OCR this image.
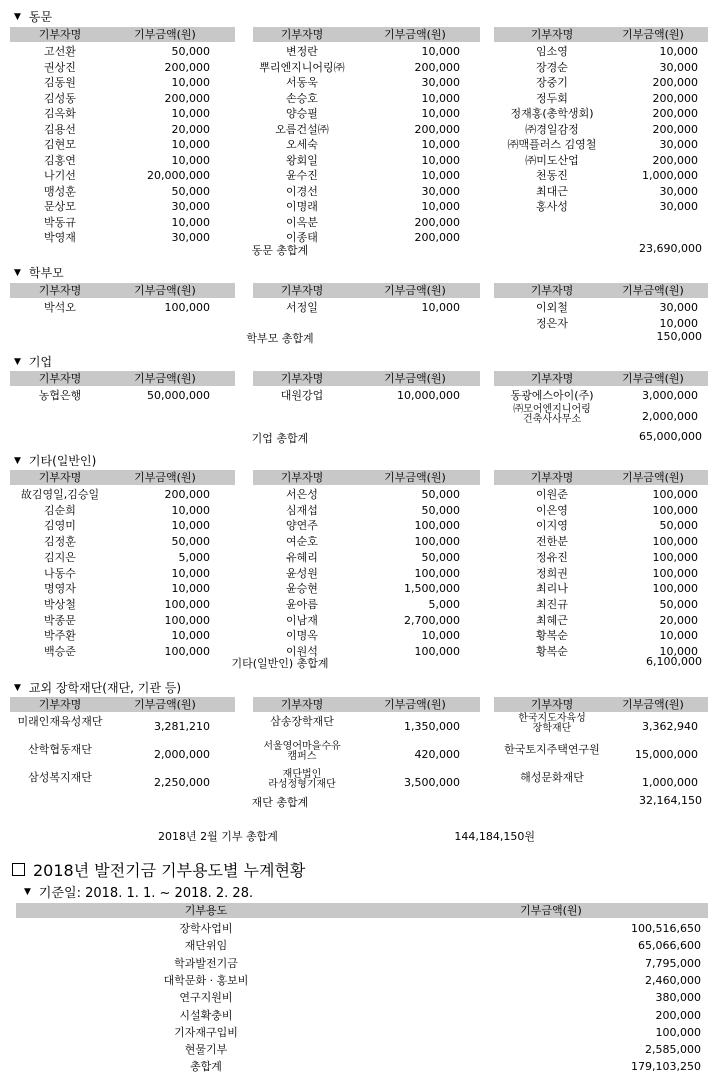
▼ 동문
기부자명	기부금액(원)
고선환	50,000
권상진	200,000
김동원	10,000
김성동	200,000
김옥화	10,000
김용선	20,000
김현모	10,000
김홍연	10,000
나기선	20,000,000
맹성훈	50,000
문상모	30,000
박동규	10,000
박영재	30,000
기부자명	기부금액(원)
변정란	10,000
뿌리엔지니어링㈜	200,000
서동욱	30,000
손승호	10,000
양승필	10,000
오름건설㈜	200,000
오세숙	10,000
왕회일	10,000
윤수진	10,000
이경선	30,000
이명래	10,000
이옥분	200,000
이종태	200,000
기부자명	기부금액(원)
임소영	10,000
장경순	30,000
장중기	200,000
정두회	200,000
정재홍(총학생회)	200,000
㈜경일감정	200,000
㈜맥플러스 김영철	30,000
㈜미도산업	200,000
천동진	1,000,000
최대근	30,000
홍사성	30,000
동문 총합계	23,690,000
▼ 학부모
기부자명	기부금액(원)
박석오	100,000
기부자명	기부금액(원)
서정일	10,000
기부자명	기부금액(원)
이외철	30,000
정은자	10,000
학부모 총합계	150,000
▼ 기업
기부자명	기부금액(원)
농협은행	50,000,000
기부자명	기부금액(원)
대원강업	10,000,000
기부자명	기부금액(원)
동광에스아이(주)	3,000,000
㈜모어엔지니어링
건축사사무소	2,000,000
기업 총합계	65,000,000
▼ 기타(일반인)
기부자명	기부금액(원)
故김영일,김승일	200,000
김순희	10,000
김영미	10,000
김정훈	50,000
김지은	5,000
나동수	10,000
명영자	10,000
박상철	100,000
박종문	100,000
박주환	10,000
백승준	100,000
기부자명	기부금액(원)
서은성	50,000
심재섭	50,000
양연주	100,000
여순호	100,000
유혜리	50,000
윤성원	100,000
윤승현	1,500,000
윤아름	5,000
이남재	2,700,000
이명옥	10,000
이원석	100,000
기부자명	기부금액(원)
이원준	100,000
이은영	100,000
이지영	50,000
전한분	100,000
정유진	100,000
정희권	100,000
최리나	100,000
최진규	50,000
최혜근	20,000
황복순	10,000
황복순	10,000
기타(일반인) 총합계	6,100,000
▼ 교외 장학재단(재단, 기관 등)
기부자명	기부금액(원)
미래인재육성재단	3,281,210
산학협동재단	2,000,000
삼성복지재단	2,250,000
기부자명	기부금액(원)
삼송장학재단	1,350,000
서울영어마을수유
캠퍼스	420,000
재단법인
라성정형기재단	3,500,000
기부자명	기부금액(원)
한국지도자육성
장학재단	3,362,940
한국토지주택연구원	15,000,000
해성문화재단	1,000,000
재단 총합계	32,164,150
2018년 2월 기부 총합계	144,184,150원
2018년 발전기금 기부용도별 누계현황
▼ 기준일: 2018. 1. 1. ~ 2018. 2. 28.
기부용도	기부금액(원)
장학사업비	100,516,650
재단위임	65,066,600
학과발전기금	7,795,000
대학문화 · 홍보비	2,460,000
연구지원비	380,000
시설확충비	200,000
기자재구입비	100,000
현물기부	2,585,000
총합계	179,103,250
